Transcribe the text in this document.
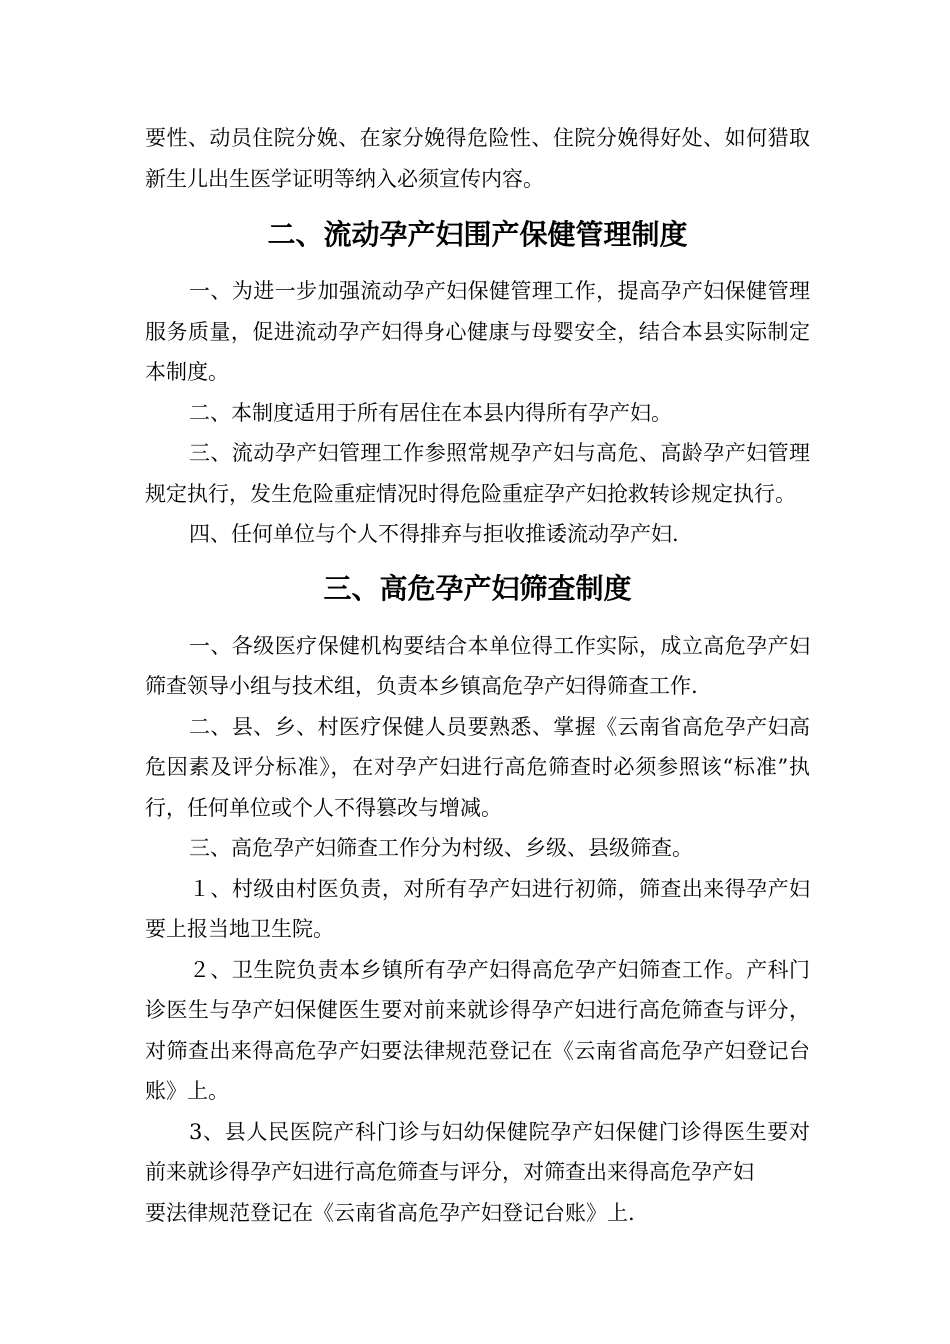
要性、动员住院分娩、在家分娩得危险性、住院分娩得好处、如何猎取新生儿出生医学证明等纳入必须宣传内容。

二、流动孕产妇围产保健管理制度

一、为进一步加强流动孕产妇保健管理工作，提高孕产妇保健管理服务质量，促进流动孕产妇得身心健康与母婴安全，结合本县实际制定本制度。

二、本制度适用于所有居住在本县内得所有孕产妇。

三、流动孕产妇管理工作参照常规孕产妇与高危、高龄孕产妇管理规定执行，发生危险重症情况时得危险重症孕产妇抢救转诊规定执行。

四、任何单位与个人不得排弃与拒收推诿流动孕产妇.

三、高危孕产妇筛查制度

一、各级医疗保健机构要结合本单位得工作实际，成立高危孕产妇筛查领导小组与技术组，负责本乡镇高危孕产妇得筛查工作.

二、县、乡、村医疗保健人员要熟悉、掌握《云南省高危孕产妇高危因素及评分标准》，在对孕产妇进行高危筛查时必须参照该“标准”执行，任何单位或个人不得篡改与增减。

三、高危孕产妇筛查工作分为村级、乡级、县级筛查。

１、村级由村医负责，对所有孕产妇进行初筛，筛查出来得孕产妇要上报当地卫生院。

２、卫生院负责本乡镇所有孕产妇得高危孕产妇筛查工作。产科门诊医生与孕产妇保健医生要对前来就诊得孕产妇进行高危筛查与评分，对筛查出来得高危孕产妇要法律规范登记在《云南省高危孕产妇登记台账》上。

3、县人民医院产科门诊与妇幼保健院孕产妇保健门诊得医生要对前来就诊得孕产妇进行高危筛查与评分，对筛查出来得高危孕产妇

要法律规范登记在《云南省高危孕产妇登记台账》上.
